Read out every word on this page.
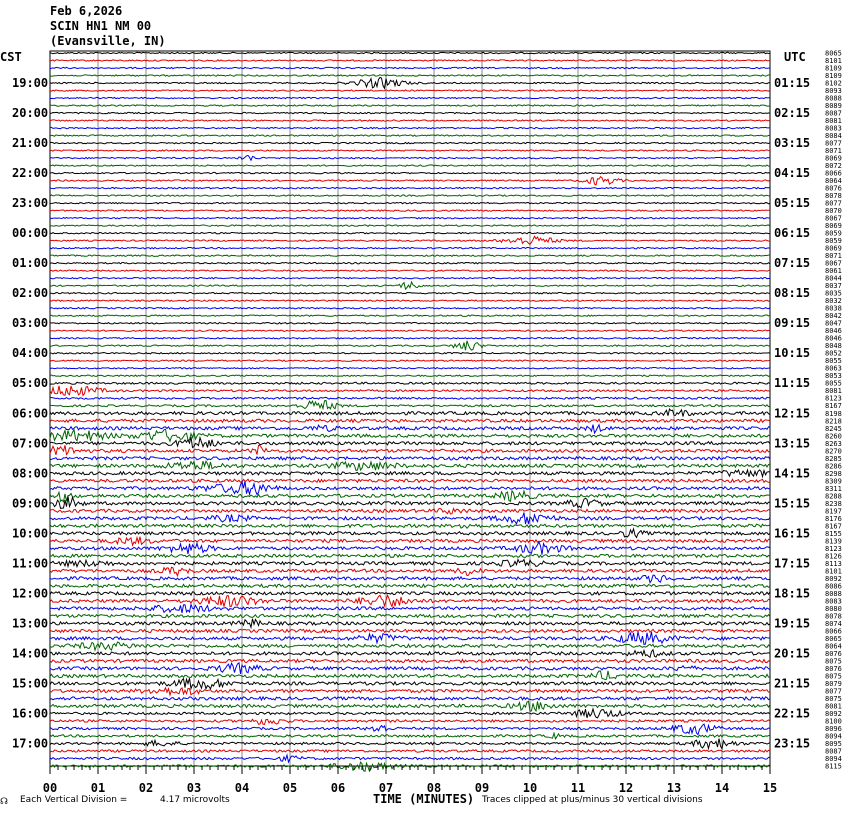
8065
8101
8109
8109
8102
8093
8088
8089
8087
8081
8083
8084
8077
8071
8069
8072
8066
8064
8076
8078
8077
8070
8067
8069
8059
8059
8069
8071
8067
8061
8044
8037
8035
8032
8038
8042
8047
8046
8046
8048
8052
8055
8063
8053
8055
8081
8123
8167
8198
8218
8245
8260
8263
8270
8285
8286
8298
8309
8311
8288
8238
8197
8176
8167
8155
8139
8123
8126
8113
8101
8092
8086
8088
8083
8080
8078
8074
8066
8065
8064
8076
8075
8076
8075
8079
8077
8075
8081
8092
8100
8096
8094
8095
8087
8094
8115
19:00
20:00
21:00
22:00
23:00
00:00
01:00
02:00
03:00
04:00
05:00
06:00
07:00
08:00
09:00
10:00
11:00
12:00
13:00
14:00
15:00
16:00
17:00
01:15
02:15
03:15
04:15
05:15
06:15
07:15
08:15
09:15
10:15
11:15
12:15
13:15
14:15
15:15
16:15
17:15
18:15
19:15
20:15
21:15
22:15
23:15
00	01	02	03	04	05	06	07	08	09	10	11	12	13	14	15
Feb 6,2026
SCIN HN1 NM 00
(Evansville, IN)
CST	UTC
☊ Each Vertical Division =	4.17 microvolts	TIME (MINUTES) Traces clipped at plus/minus 30 vertical divisions
